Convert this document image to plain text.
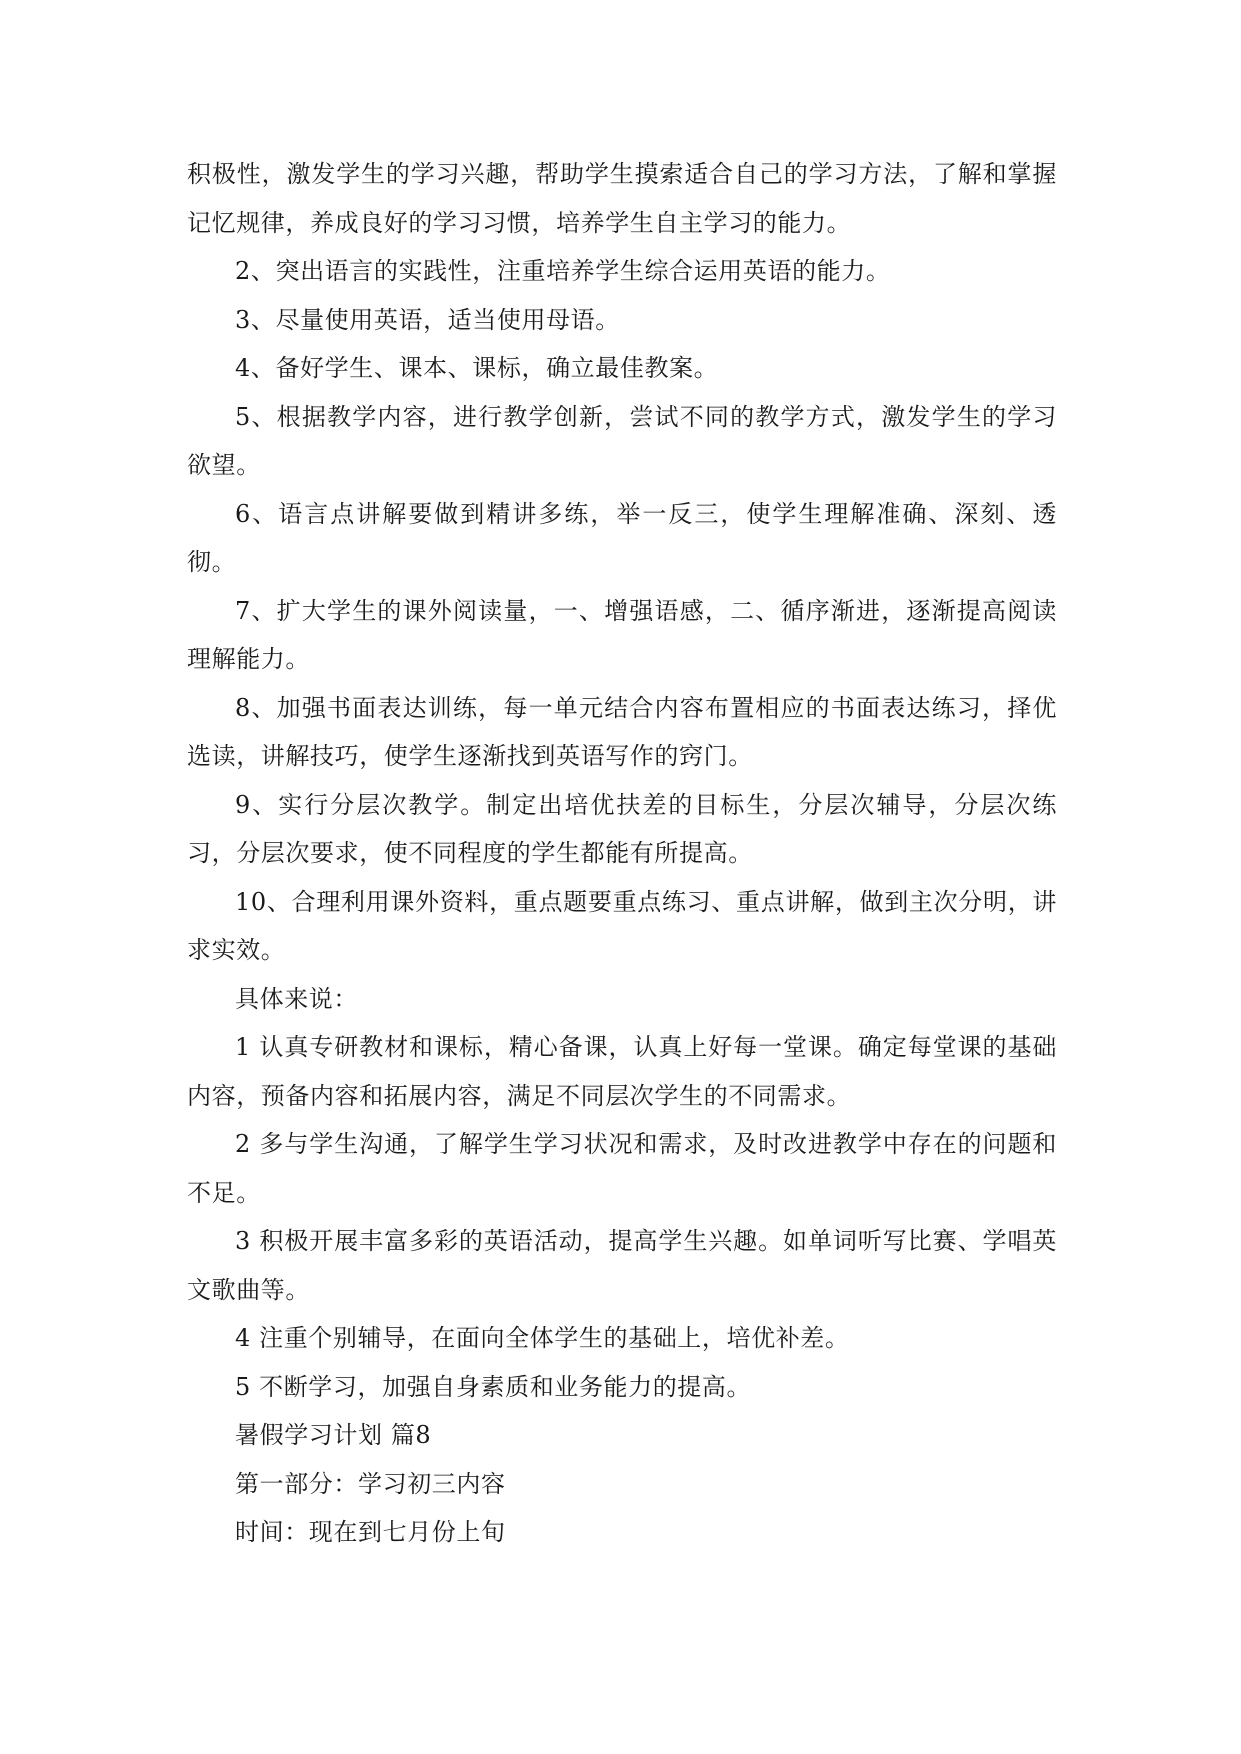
积极性，激发学生的学习兴趣，帮助学生摸索适合自己的学习方法，了解和掌握记忆规律，养成良好的学习习惯，培养学生自主学习的能力。

2、突出语言的实践性，注重培养学生综合运用英语的能力。

3、尽量使用英语，适当使用母语。

4、备好学生、课本、课标，确立最佳教案。

5、根据教学内容，进行教学创新，尝试不同的教学方式，激发学生的学习欲望。

6、语言点讲解要做到精讲多练，举一反三，使学生理解准确、深刻、透彻。

7、扩大学生的课外阅读量，一、增强语感，二、循序渐进，逐渐提高阅读理解能力。

8、加强书面表达训练，每一单元结合内容布置相应的书面表达练习，择优选读，讲解技巧，使学生逐渐找到英语写作的窍门。

9、实行分层次教学。制定出培优扶差的目标生，分层次辅导，分层次练习，分层次要求，使不同程度的学生都能有所提高。

10、合理利用课外资料，重点题要重点练习、重点讲解，做到主次分明，讲求实效。

具体来说：

1 认真专研教材和课标，精心备课，认真上好每一堂课。确定每堂课的基础内容，预备内容和拓展内容，满足不同层次学生的不同需求。

2 多与学生沟通，了解学生学习状况和需求，及时改进教学中存在的问题和不足。

3 积极开展丰富多彩的英语活动，提高学生兴趣。如单词听写比赛、学唱英文歌曲等。

4 注重个别辅导，在面向全体学生的基础上，培优补差。

5 不断学习，加强自身素质和业务能力的提高。

暑假学习计划 篇8

第一部分：学习初三内容

时间：现在到七月份上旬
